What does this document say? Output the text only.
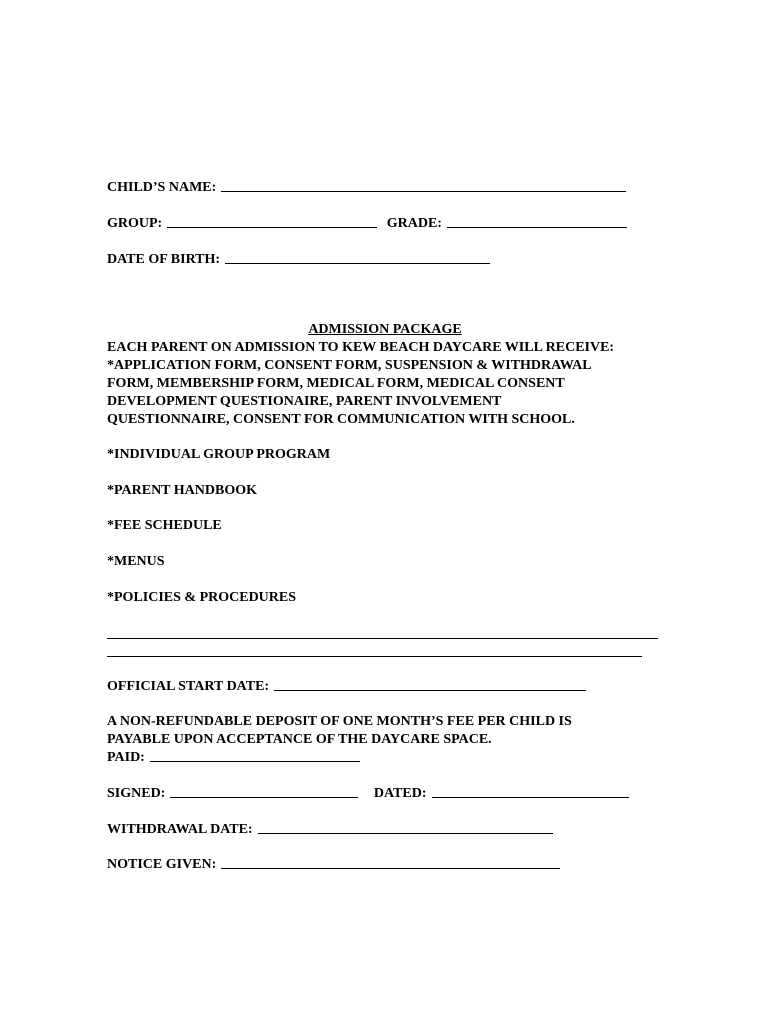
CHILD’S NAME:
GROUP:	GRADE:
DATE OF BIRTH:
ADMISSION PACKAGE
EACH PARENT ON ADMISSION TO KEW BEACH DAYCARE WILL RECEIVE:
*APPLICATION FORM, CONSENT FORM, SUSPENSION & WITHDRAWAL
FORM, MEMBERSHIP FORM, MEDICAL FORM, MEDICAL CONSENT
DEVELOPMENT QUESTIONAIRE, PARENT INVOLVEMENT
QUESTIONNAIRE, CONSENT FOR COMMUNICATION WITH SCHOOL.
*INDIVIDUAL GROUP PROGRAM
*PARENT HANDBOOK
*FEE SCHEDULE
*MENUS
*POLICIES & PROCEDURES
OFFICIAL START DATE:
A NON-REFUNDABLE DEPOSIT OF ONE MONTH’S FEE PER CHILD IS
PAYABLE UPON ACCEPTANCE OF THE DAYCARE SPACE.
PAID:
SIGNED:	DATED:
WITHDRAWAL DATE:
NOTICE GIVEN:
